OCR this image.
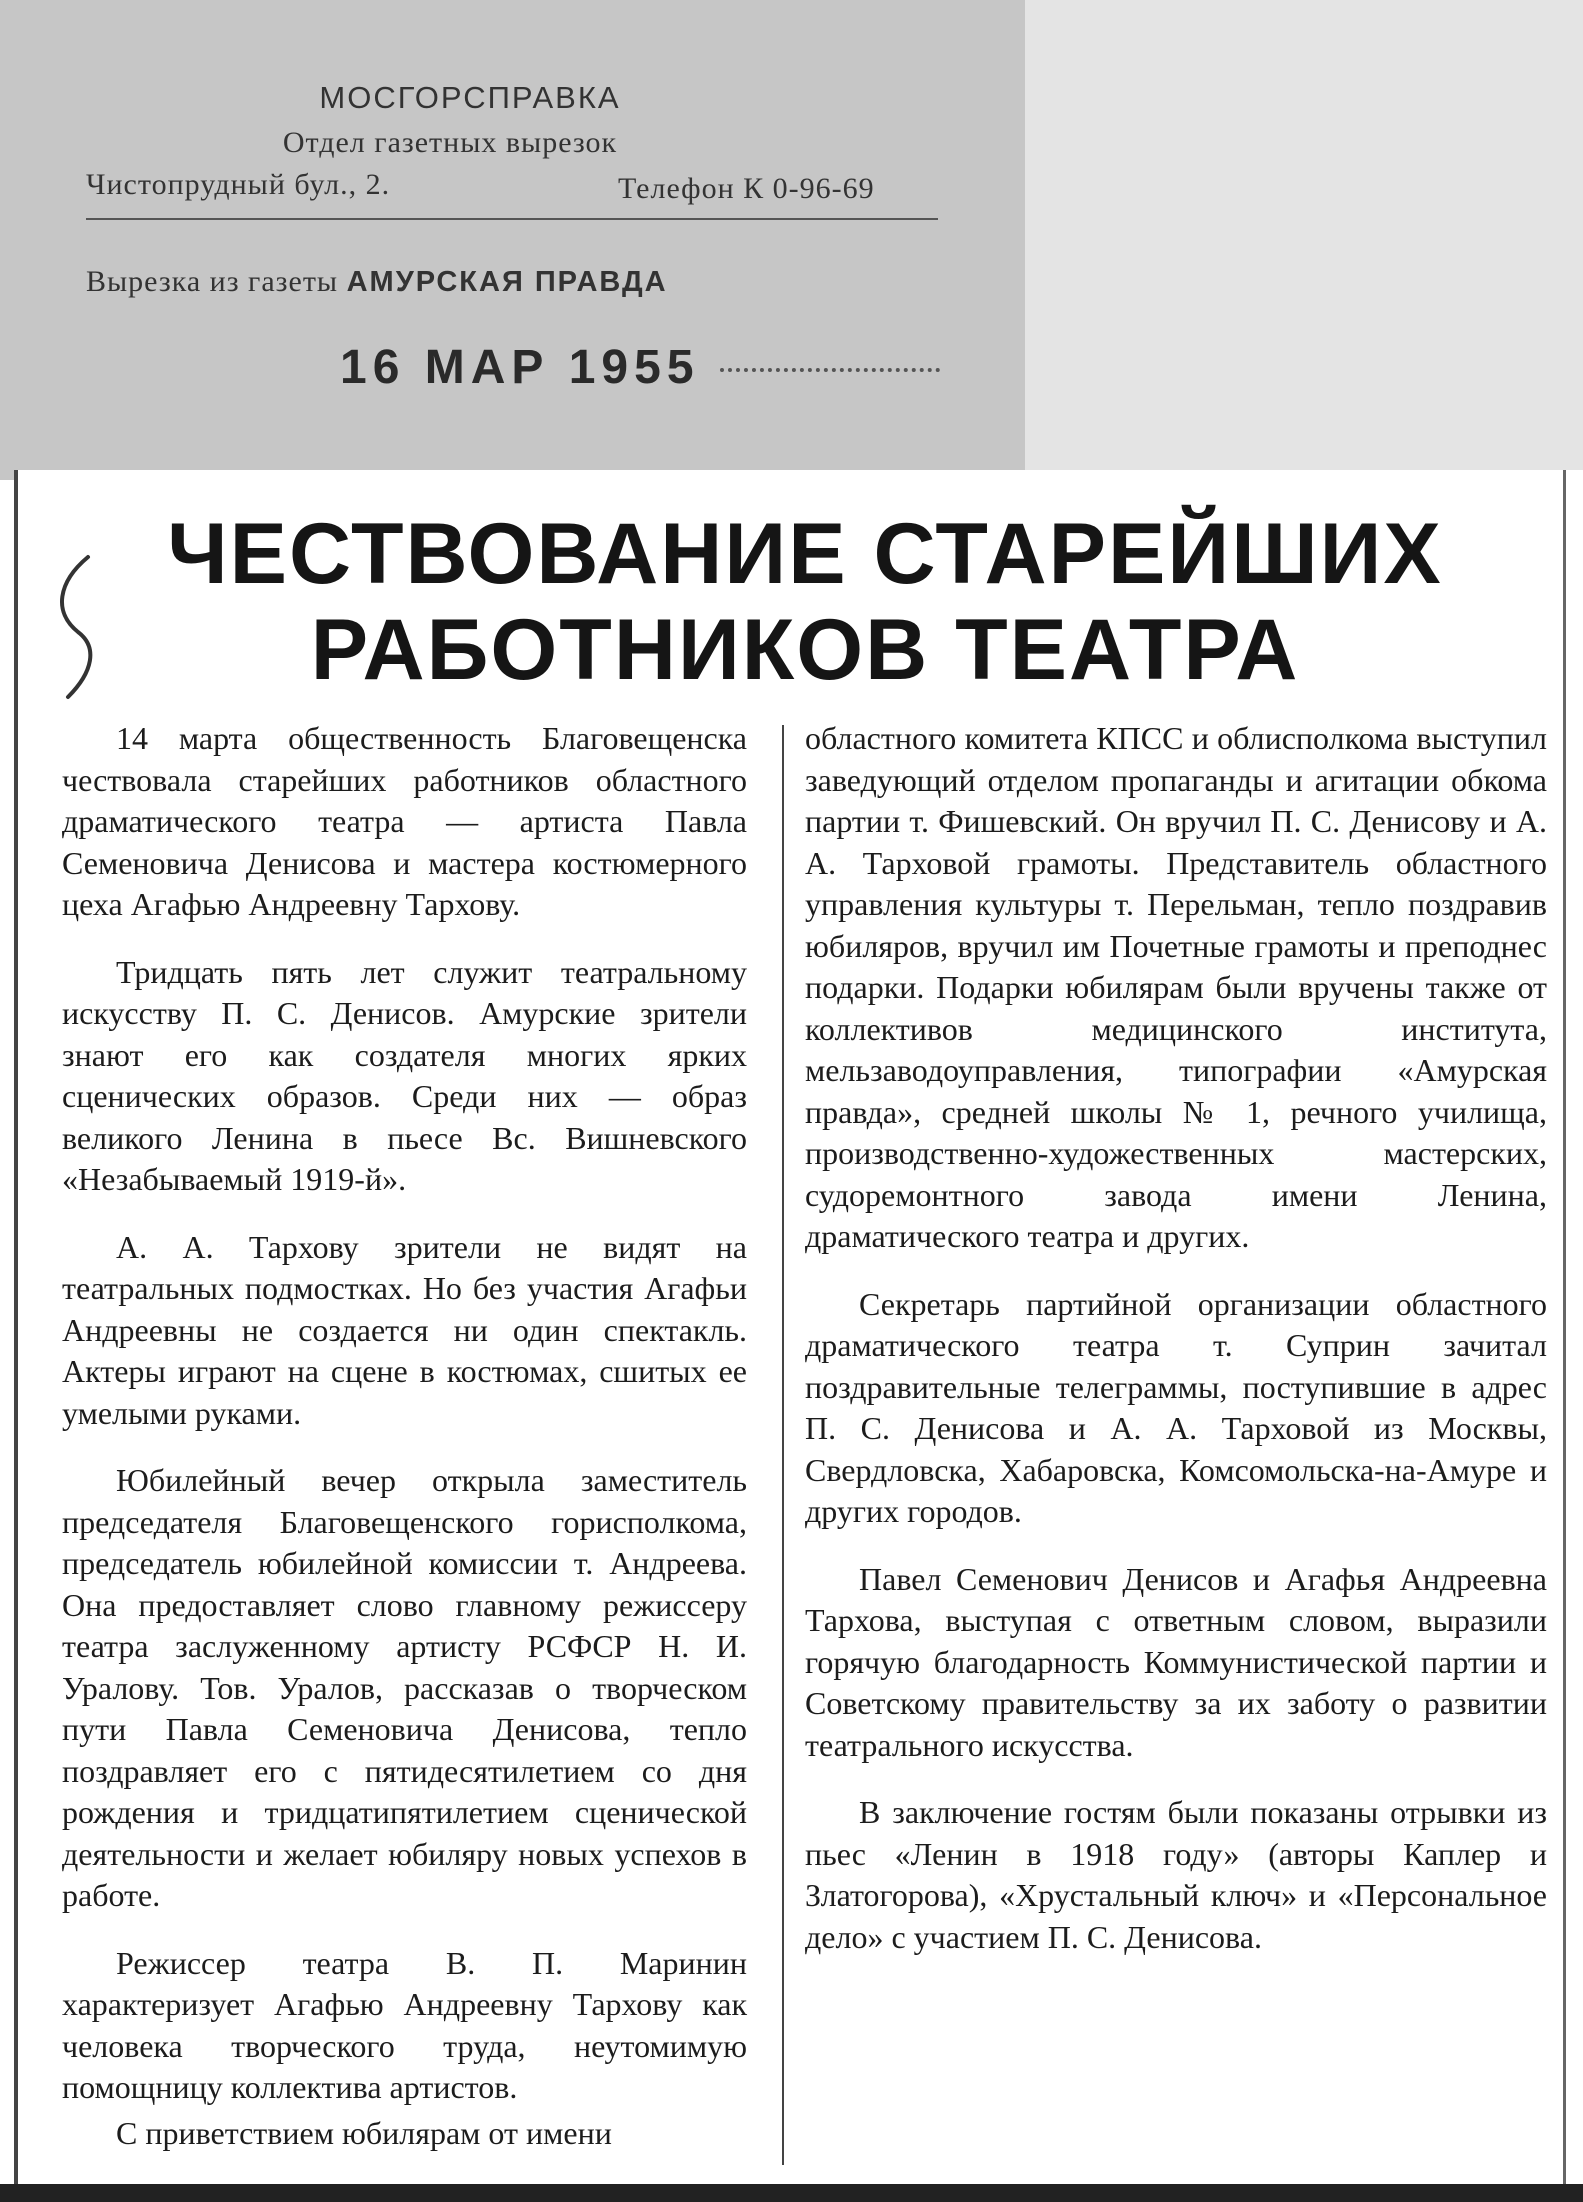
МОСГОРСПРАВКА
Отдел газетных вырезок
Чистопрудный бул., 2.	Телефон К 0-96-69
Вырезка из газеты АМУРСКАЯ ПРАВДА
16 МАР 1955
ЧЕСТВОВАНИЕ СТАРЕЙШИХ
РАБОТНИКОВ ТЕАТРА

14 марта общественность Благовещенска чествовала старейших работников областного драматического театра — артиста Павла Семеновича Денисова и мастера костюмерного цеха Агафью Андреевну Тархову.

Тридцать пять лет служит театральному искусству П. С. Денисов. Амурские зрители знают его как создателя многих ярких сценических образов. Среди них — образ великого Ленина в пьесе Вс. Вишневского «Незабываемый 1919-й».

А. А. Тархову зрители не видят на театральных подмостках. Но без участия Агафьи Андреевны не создается ни один спектакль. Актеры играют на сцене в костюмах, сшитых ее умелыми руками.

Юбилейный вечер открыла заместитель председателя Благовещенского горисполкома, председатель юбилейной комиссии т. Андреева. Она предоставляет слово главному режиссеру театра заслуженному артисту РСФСР Н. И. Уралову. Тов. Уралов, рассказав о творческом пути Павла Семеновича Денисова, тепло поздравляет его с пятидесятилетием со дня рождения и тридцатипятилетием сценической деятельности и желает юбиляру новых успехов в работе.

Режиссер театра В. П. Маринин характеризует Агафью Андреевну Тархову как человека творческого труда, неутомимую помощницу коллектива артистов.

С приветствием юбилярам от имени

областного комитета КПСС и облисполкома выступил заведующий отделом пропаганды и агитации обкома партии т. Фишевский. Он вручил П. С. Денисову и А. А. Тарховой грамоты. Представитель областного управления культуры т. Перельман, тепло поздравив юбиляров, вручил им Почетные грамоты и преподнес подарки. Подарки юбилярам были вручены также от коллективов медицинского института, мельзаводоуправления, типографии «Амурская правда», средней школы № 1, речного училища, производственно-художественных мастерских, судоремонтного завода имени Ленина, драматического театра и других.

Секретарь партийной организации областного драматического театра т. Суприн зачитал поздравительные телеграммы, поступившие в адрес П. С. Денисова и А. А. Тарховой из Москвы, Свердловска, Хабаровска, Комсомольска-на-Амуре и других городов.

Павел Семенович Денисов и Агафья Андреевна Тархова, выступая с ответным словом, выразили горячую благодарность Коммунистической партии и Советскому правительству за их заботу о развитии театрального искусства.

В заключение гостям были показаны отрывки из пьес «Ленин в 1918 году» (авторы Каплер и Златогорова), «Хрустальный ключ» и «Персональное дело» с участием П. С. Денисова.
